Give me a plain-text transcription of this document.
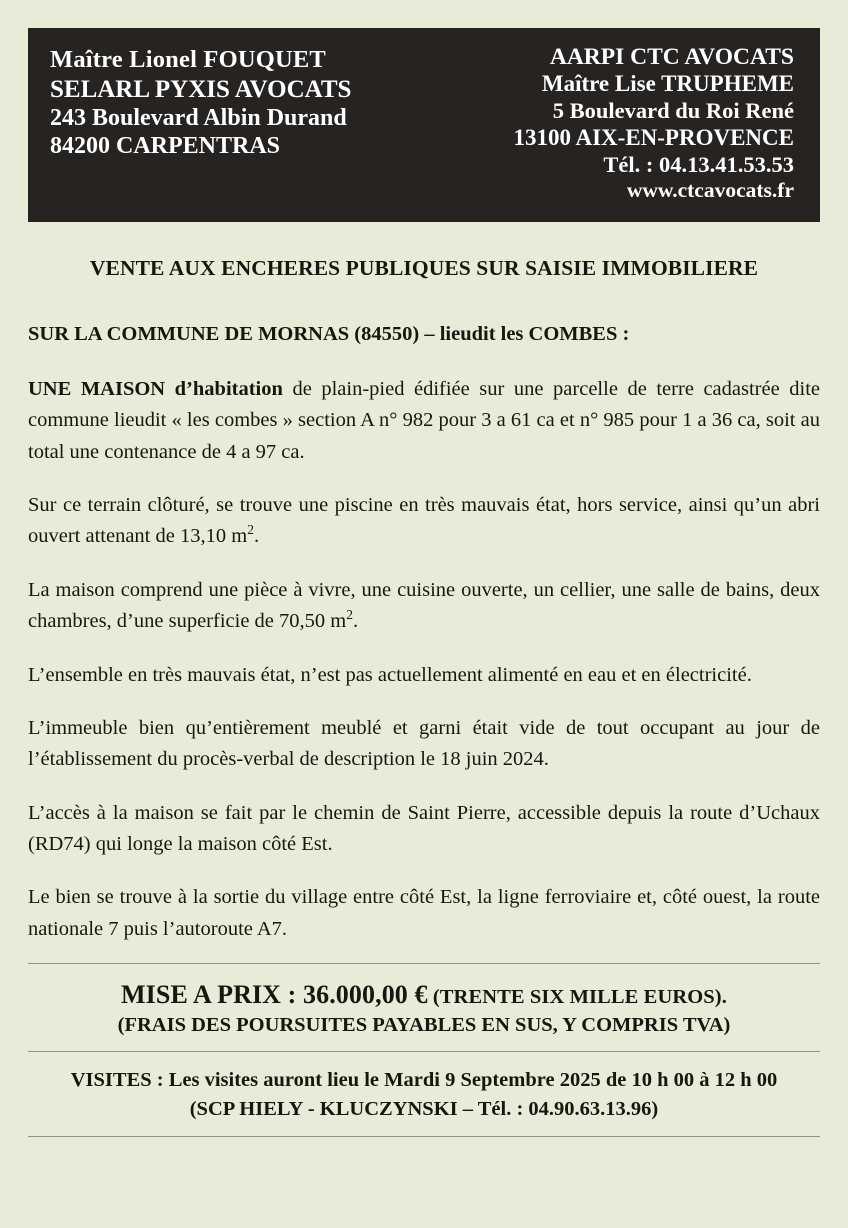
Maître Lionel FOUQUET
SELARL PYXIS AVOCATS
243 Boulevard Albin Durand
84200 CARPENTRAS
AARPI CTC AVOCATS
Maître Lise TRUPHEME
5 Boulevard du Roi René
13100 AIX-EN-PROVENCE
Tél. : 04.13.41.53.53
www.ctcavocats.fr
VENTE AUX ENCHERES PUBLIQUES SUR SAISIE IMMOBILIERE
SUR LA COMMUNE DE MORNAS (84550) – lieudit les COMBES :

UNE MAISON d’habitation de plain-pied édifiée sur une parcelle de terre cadastrée dite commune lieudit « les combes » section A n° 982 pour 3 a 61 ca et n° 985 pour 1 a 36 ca, soit au total une contenance de 4 a 97 ca.

Sur ce terrain clôturé, se trouve une piscine en très mauvais état, hors service, ainsi qu’un abri ouvert attenant de 13,10 $m^2$.

La maison comprend une pièce à vivre, une cuisine ouverte, un cellier, une salle de bains, deux chambres, d’une superficie de 70,50 $m^2$.

L’ensemble en très mauvais état, n’est pas actuellement alimenté en eau et en électricité.

L’immeuble bien qu’entièrement meublé et garni était vide de tout occupant au jour de l’établissement du procès-verbal de description le 18 juin 2024.

L’accès à la maison se fait par le chemin de Saint Pierre, accessible depuis la route d’Uchaux (RD74) qui longe la maison côté Est.

Le bien se trouve à la sortie du village entre côté Est, la ligne ferroviaire et, côté ouest, la route nationale 7 puis l’autoroute A7.

MISE A PRIX : 36.000,00 € (TRENTE SIX MILLE EUROS).
(FRAIS DES POURSUITES PAYABLES EN SUS, Y COMPRIS TVA)
VISITES : Les visites auront lieu le Mardi 9 Septembre 2025 de 10 h 00 à 12 h 00
(SCP HIELY - KLUCZYNSKI – Tél. : 04.90.63.13.96)
